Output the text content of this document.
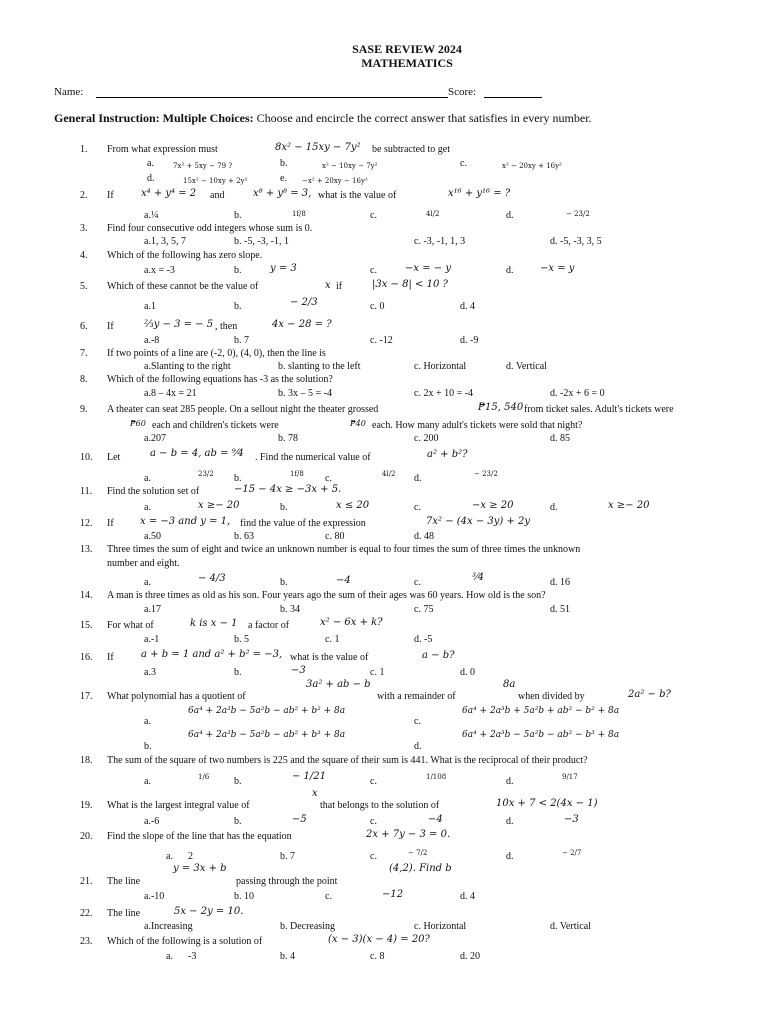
SASE REVIEW 2024
MATHEMATICS
Name:	Score:
General Instruction: Multiple Choices: Choose and encircle the correct answer that satisfies in every number.
1.	From what expression must	8x² − 15xy − 7y² be subtracted to get
a.	7x² + 5xy − 79 ?	b.	x² − 10xy − 7y²	c.	x² − 20xy + 16y²
d.	15x² − 10xy + 2y²	e. −x² + 20xy − 16y²
2.	If	x⁴ + y⁴ = 2 and	x⁸ + y⁸ = 3, what is the value of	x¹⁶ + y¹⁶ = ?
a.¼	b.	1f/8	c.	4l/2	d.	− 23/2
3.	Find four consecutive odd integers whose sum is 0.
a.1, 3, 5, 7	b. -5, -3, -1, 1	c. -3, -1, 1, 3	d. -5, -3, 3, 5
4.	Which of the following has zero slope.
a.x = -3	b.	y = 3	c.	−x = − y	d.	−x = y
5.	Which of these cannot be the value of	x if	|3x − 8| < 10 ?
a.1	b.	− 2/3	c. 0	d. 4
6.	If	⅔y − 3 = − 5 , then	4x − 28 = ?
a.-8	b. 7	c. -12	d. -9
7.	If two points of a line are (-2, 0), (4, 0), then the line is
a.Slanting to the right	b. slanting to the left	c. Horizontal	d. Vertical
8.	Which of the following equations has -3 as the solution?
a.8 – 4x = 21	b. 3x – 5 = -4	c. 2x + 10 = -4	d. -2x + 6 = 0
9.	A theater can seat 285 people. On a sellout night the theater grossed	₱15, 540 from ticket sales. Adult's tickets were
₱60 each and children's tickets were	₱40 each. How many adult's tickets were sold that night?
a.207	b. 78	c. 200	d. 85
10.	Let	a − b = 4, ab = ⁹⁄4 . Find the numerical value of	a² + b²?
a.	23/2 b.	1f/8 c.	4l/2 d.	− 23/2
11.	Find the solution set of	−15 − 4x ≥ −3x + 5.
a.	x ≥− 20	b.	x ≤ 20	c.	−x ≥ 20	d.	x ≥− 20
12.	If	x = −3 and y = 1, find the value of the expression	7x² − (4x − 3y) + 2y
a.50	b. 63	c. 80	d. 48
13.	Three times the sum of eight and twice an unknown number is equal to four times the sum of three times the unknown
number and eight.
a.	− 4/3	b.	−4	c.	³⁄4	d. 16
14.	A man is three times as old as his son. Four years ago the sum of their ages was 60 years. How old is the son?
a.17	b. 34	c. 75	d. 51
15.	For what of	k is x − 1 a factor of	x² − 6x + k?
a.-1	b. 5	c. 1	d. -5
16.	If	a + b = 1 and a² + b² = −3, what is the value of	a − b?
a.3	b.	−3	c. 1	d. 0
3a² + ab − b	8a
17.	What polynomial has a quotient of	with a remainder of	when divided by	2a² − b?
6a⁴ + 2a³b − 5a²b − ab² + b² + 8a	6a⁴ + 2a³b + 5a²b + ab² − b² + 8a
a.	c.
6a⁴ + 2a³b − 5a²b − ab² + b³ + 8a	6a⁴ + 2a³b − 5a²b − ab² − b³ + 8a
b.	d.
18.	The sum of the square of two numbers is 225 and the square of their sum is 441. What is the reciprocal of their product?
a.	1/6 b.	− 1/21	c.	1/108	d.	9/17
x
19.	What is the largest integral value of	that belongs to the solution of	10x + 7 < 2(4x − 1)
a.-6	b.	−5	c.	−4	d.	−3
20.	Find the slope of the line that has the equation	2x + 7y − 3 = 0.
a. 2	b. 7	c.	− 7/2	d.	− 2/7
y = 3x + b	(4,2). Find b
21.	The line	passing through the point
a.-10	b. 10	c.	−12	d. 4
22.	The line	5x − 2y = 10.
a.Increasing	b. Decreasing	c. Horizontal	d. Vertical
23.	Which of the following is a solution of	(x − 3)(x − 4) = 20?
a. -3	b. 4	c. 8	d. 20
